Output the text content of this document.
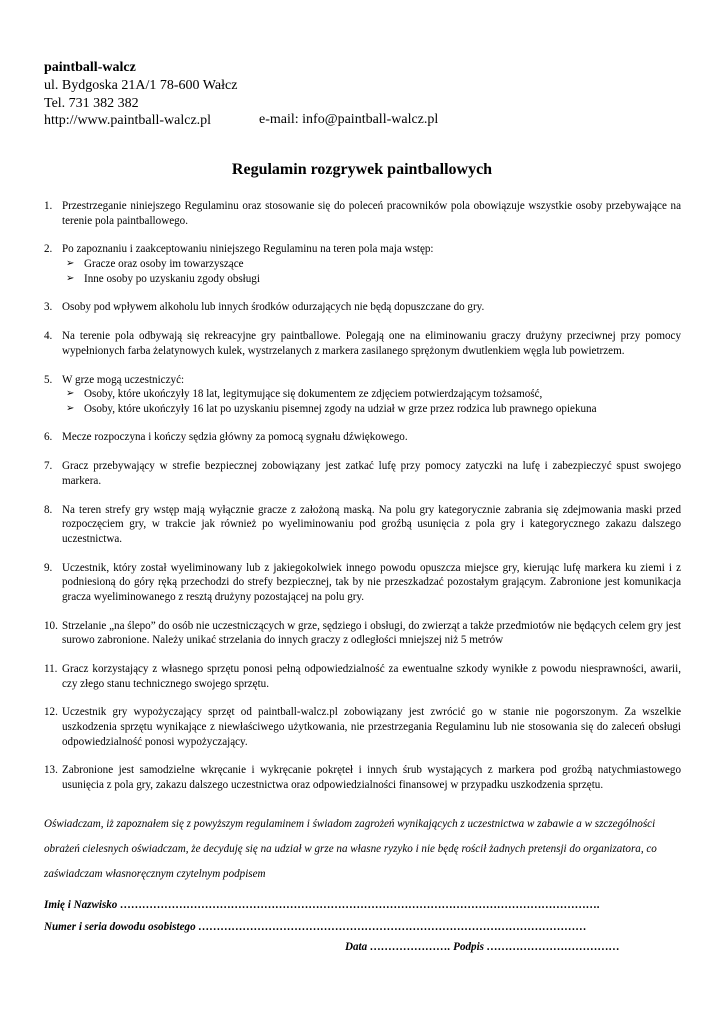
paintball-walcz
ul. Bydgoska 21A/1 78-600 Wałcz
Tel. 731 382 382
http://www.paintball-walcz.pl	e-mail: info@paintball-walcz.pl
Regulamin rozgrywek paintballowych
1. Przestrzeganie niniejszego Regulaminu oraz stosowanie się do poleceń pracowników pola obowiązuje wszystkie osoby przebywające na terenie pola paintballowego.
2. Po zapoznaniu i zaakceptowaniu niniejszego Regulaminu na teren pola maja wstęp:
➢ Gracze oraz osoby im towarzyszące
➢ Inne osoby po uzyskaniu zgody obsługi
3. Osoby pod wpływem alkoholu lub innych środków odurzających nie będą dopuszczane do gry.
4. Na terenie pola odbywają się rekreacyjne gry paintballowe. Polegają one na eliminowaniu graczy drużyny przeciwnej przy pomocy wypełnionych farba żelatynowych kulek, wystrzelanych z markera zasilanego sprężonym dwutlenkiem węgla lub powietrzem.
5. W grze mogą uczestniczyć:
➢ Osoby, które ukończyły 18 lat, legitymujące się dokumentem ze zdjęciem potwierdzającym tożsamość,
➢ Osoby, które ukończyły 16 lat po uzyskaniu pisemnej zgody na udział w grze przez rodzica lub prawnego opiekuna
6. Mecze rozpoczyna i kończy sędzia główny za pomocą sygnału dźwiękowego.
7. Gracz przebywający w strefie bezpiecznej zobowiązany jest zatkać lufę przy pomocy zatyczki na lufę i zabezpieczyć spust swojego markera.
8. Na teren strefy gry wstęp mają wyłącznie gracze z założoną maską. Na polu gry kategorycznie zabrania się zdejmowania maski przed rozpoczęciem gry, w trakcie jak również po wyeliminowaniu pod groźbą usunięcia z pola gry i kategorycznego zakazu dalszego uczestnictwa.
9. Uczestnik, który został wyeliminowany lub z jakiegokolwiek innego powodu opuszcza miejsce gry, kierując lufę markera ku ziemi i z podniesioną do góry ręką przechodzi do strefy bezpiecznej, tak by nie przeszkadzać pozostałym grającym. Zabronione jest komunikacja gracza wyeliminowanego z resztą drużyny pozostającej na polu gry.
10. Strzelanie „na ślepo” do osób nie uczestniczących w grze, sędziego i obsługi, do zwierząt a także przedmiotów nie będących celem gry jest surowo zabronione. Należy unikać strzelania do innych graczy z odległości mniejszej niż 5 metrów
11. Gracz korzystający z własnego sprzętu ponosi pełną odpowiedzialność za ewentualne szkody wynikłe z powodu niesprawności, awarii, czy złego stanu technicznego swojego sprzętu.
12. Uczestnik gry wypożyczający sprzęt od paintball-walcz.pl zobowiązany jest zwrócić go w stanie nie pogorszonym. Za wszelkie uszkodzenia sprzętu wynikające z niewłaściwego użytkowania, nie przestrzegania Regulaminu lub nie stosowania się do zaleceń obsługi odpowiedzialność ponosi wypożyczający.
13. Zabronione jest samodzielne wkręcanie i wykręcanie pokręteł i innych śrub wystających z markera pod groźbą natychmiastowego usunięcia z pola gry, zakazu dalszego uczestnictwa oraz odpowiedzialności finansowej w przypadku uszkodzenia sprzętu.
Oświadczam, iż zapoznałem się z powyższym regulaminem i świadom zagrożeń wynikających z uczestnictwa w zabawie a w szczególności obrażeń cielesnych oświadczam, że decyduję się na udział w grze na własne ryzyko i nie będę rościł żadnych pretensji do organizatora, co zaświadczam własnoręcznym czytelnym podpisem
Imię i Nazwisko ………………………………………………………………………………………………………………….
Numer i seria dowodu osobistego ……………………………………………………………………………………………
Data …………………. Podpis ………………………………
